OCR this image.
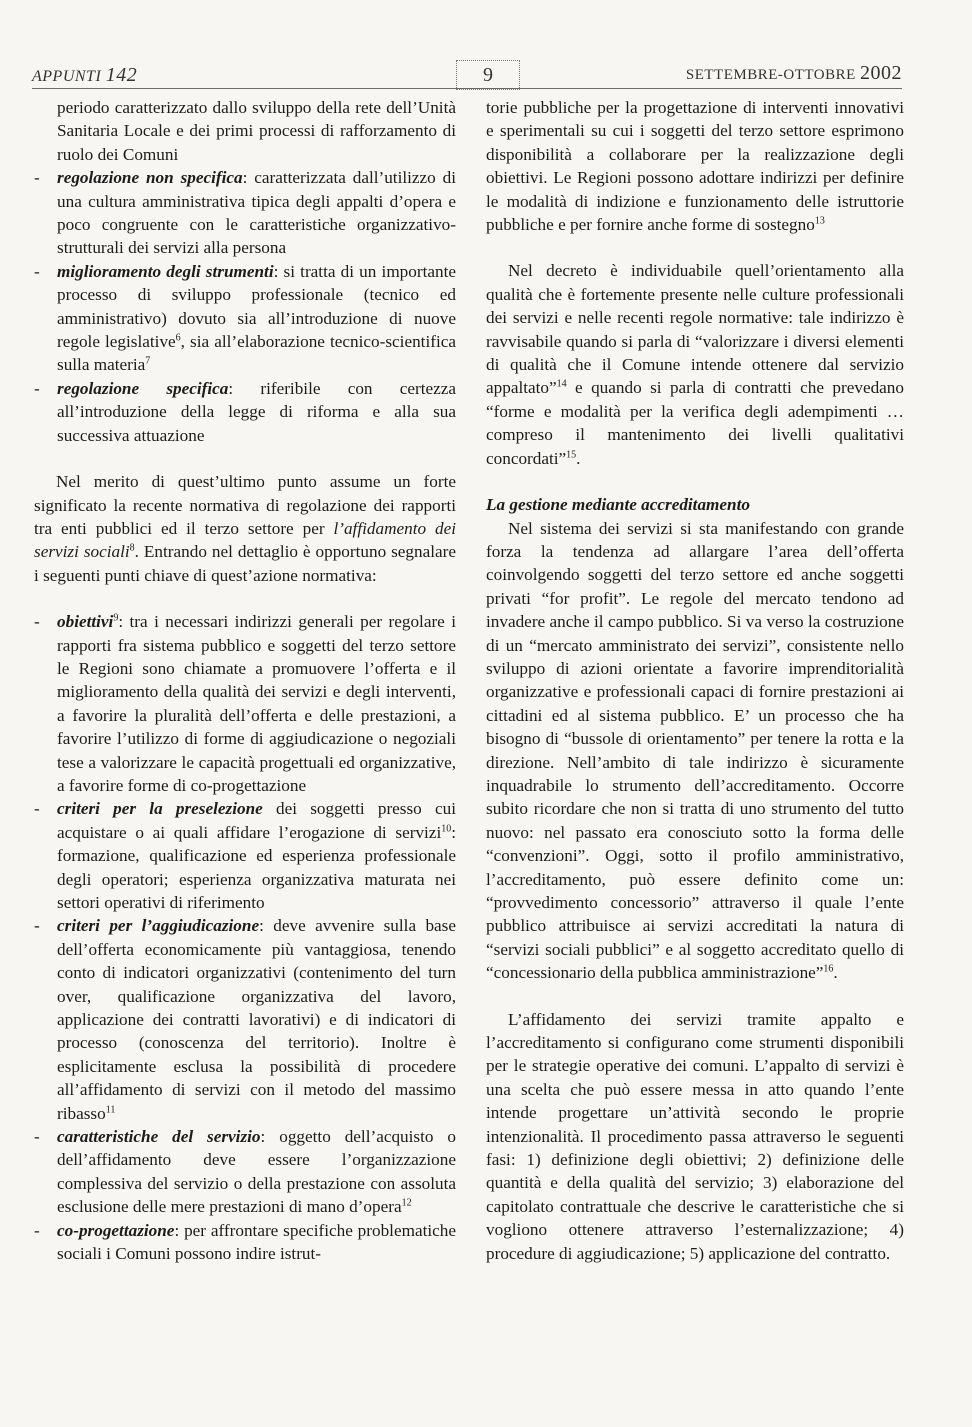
APPUNTI 142	9	SETTEMBRE-OTTOBRE 2002

periodo caratterizzato dallo sviluppo della rete dell’Unità Sanitaria Locale e dei primi processi di rafforzamento di ruolo dei Comuni

- regolazione non specifica: caratterizzata dall’utilizzo di una cultura amministrativa tipica degli appalti d’opera e poco congruente con le caratteristiche organizzativo-strutturali dei servizi alla persona
- miglioramento degli strumenti: si tratta di un importante processo di sviluppo professionale (tecnico ed amministrativo) dovuto sia all’introduzione di nuove regole legislative$^6$, sia all’elaborazione tecnico-scientifica sulla materia$^7$
- regolazione specifica: riferibile con certezza all’introduzione della legge di riforma e alla sua successiva attuazione

Nel merito di quest’ultimo punto assume un forte significato la recente normativa di regolazione dei rapporti tra enti pubblici ed il terzo settore per l’affidamento dei servizi sociali$^8$. Entrando nel dettaglio è opportuno segnalare i seguenti punti chiave di quest’azione normativa:

- obiettivi$^9$: tra i necessari indirizzi generali per regolare i rapporti fra sistema pubblico e soggetti del terzo settore le Regioni sono chiamate a promuovere l’offerta e il miglioramento della qualità dei servizi e degli interventi, a favorire la pluralità dell’offerta e delle prestazioni, a favorire l’utilizzo di forme di aggiudicazione o negoziali tese a valorizzare le capacità progettuali ed organizzative, a favorire forme di co-progettazione
- criteri per la preselezione dei soggetti presso cui acquistare o ai quali affidare l’erogazione di servizi$^{10}$: formazione, qualificazione ed esperienza professionale degli operatori; esperienza organizzativa maturata nei settori operativi di riferimento
- criteri per l’aggiudicazione: deve avvenire sulla base dell’offerta economicamente più vantaggiosa, tenendo conto di indicatori organizzativi (contenimento del turn over, qualificazione organizzativa del lavoro, applicazione dei contratti lavorativi) e di indicatori di processo (conoscenza del territorio). Inoltre è esplicitamente esclusa la possibilità di procedere all’affidamento di servizi con il metodo del massimo ribasso$^{11}$
- caratteristiche del servizio: oggetto dell’acquisto o dell’affidamento deve essere l’organizzazione complessiva del servizio o della prestazione con assoluta esclusione delle mere prestazioni di mano d’opera$^{12}$
- co-progettazione: per affrontare specifiche problematiche sociali i Comuni possono indire istrut-

torie pubbliche per la progettazione di interventi innovativi e sperimentali su cui i soggetti del terzo settore esprimono disponibilità a collaborare per la realizzazione degli obiettivi. Le Regioni possono adottare indirizzi per definire le modalità di indizione e funzionamento delle istruttorie pubbliche e per fornire anche forme di sostegno$^{13}$

Nel decreto è individuabile quell’orientamento alla qualità che è fortemente presente nelle culture professionali dei servizi e nelle recenti regole normative: tale indirizzo è ravvisabile quando si parla di “valorizzare i diversi elementi di qualità che il Comune intende ottenere dal servizio appaltato”$^{14}$ e quando si parla di contratti che prevedano “forme e modalità per la verifica degli adempimenti … compreso il mantenimento dei livelli qualitativi concordati”$^{15}$.

La gestione mediante accreditamento

Nel sistema dei servizi si sta manifestando con grande forza la tendenza ad allargare l’area dell’offerta coinvolgendo soggetti del terzo settore ed anche soggetti privati “for profit”. Le regole del mercato tendono ad invadere anche il campo pubblico. Si va verso la costruzione di un “mercato amministrato dei servizi”, consistente nello sviluppo di azioni orientate a favorire imprenditorialità organizzative e professionali capaci di fornire prestazioni ai cittadini ed al sistema pubblico. E’ un processo che ha bisogno di “bussole di orientamento” per tenere la rotta e la direzione. Nell’ambito di tale indirizzo è sicuramente inquadrabile lo strumento dell’accreditamento. Occorre subito ricordare che non si tratta di uno strumento del tutto nuovo: nel passato era conosciuto sotto la forma delle “convenzioni”. Oggi, sotto il profilo amministrativo, l’accreditamento, può essere definito come un: “provvedimento concessorio” attraverso il quale l’ente pubblico attribuisce ai servizi accreditati la natura di “servizi sociali pubblici” e al soggetto accreditato quello di “concessionario della pubblica amministrazione”$^{16}$.

L’affidamento dei servizi tramite appalto e l’accreditamento si configurano come strumenti disponibili per le strategie operative dei comuni. L’appalto di servizi è una scelta che può essere messa in atto quando l’ente intende progettare un’attività secondo le proprie intenzionalità. Il procedimento passa attraverso le seguenti fasi: 1) definizione degli obiettivi; 2) definizione delle quantità e della qualità del servizio; 3) elaborazione del capitolato contrattuale che descrive le caratteristiche che si vogliono ottenere attraverso l’esternalizzazione; 4) procedure di aggiudicazione; 5) applicazione del contratto.
